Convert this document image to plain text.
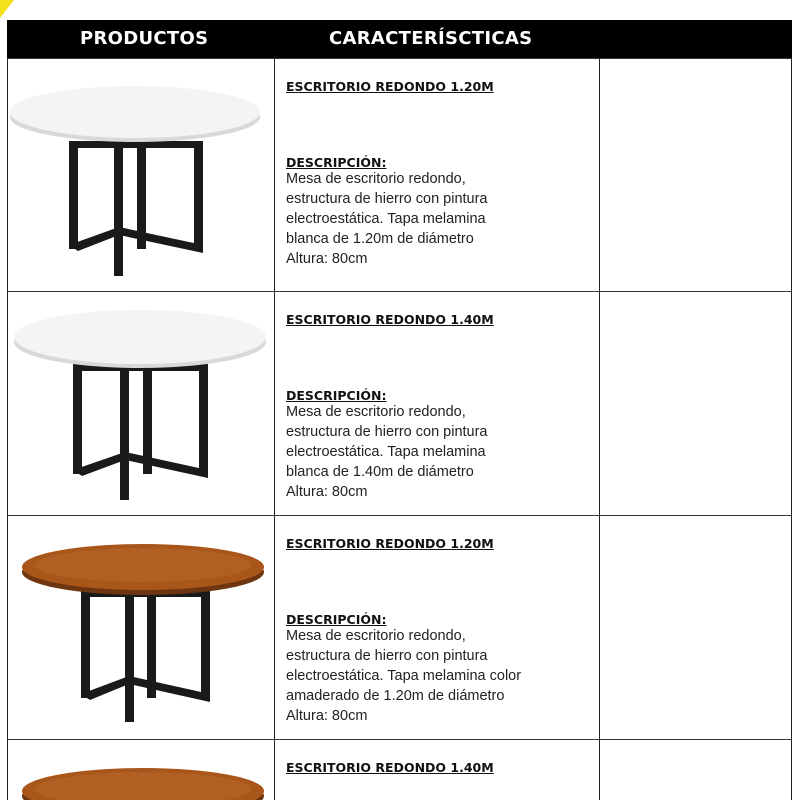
PRODUCTOS	CARACTERÍSCTICAS
ESCRITORIO REDONDO 1.20M
DESCRIPCIÓN:
Mesa de escritorio redondo,
estructura de hierro con pintura
electroestática. Tapa melamina
blanca de 1.20m de diámetro
Altura: 80cm
ESCRITORIO REDONDO 1.40M
DESCRIPCIÓN:
Mesa de escritorio redondo,
estructura de hierro con pintura
electroestática. Tapa melamina
blanca de 1.40m de diámetro
Altura: 80cm
ESCRITORIO REDONDO 1.20M
DESCRIPCIÓN:
Mesa de escritorio redondo,
estructura de hierro con pintura
electroestática. Tapa melamina color
amaderado de 1.20m de diámetro
Altura: 80cm
ESCRITORIO REDONDO 1.40M
